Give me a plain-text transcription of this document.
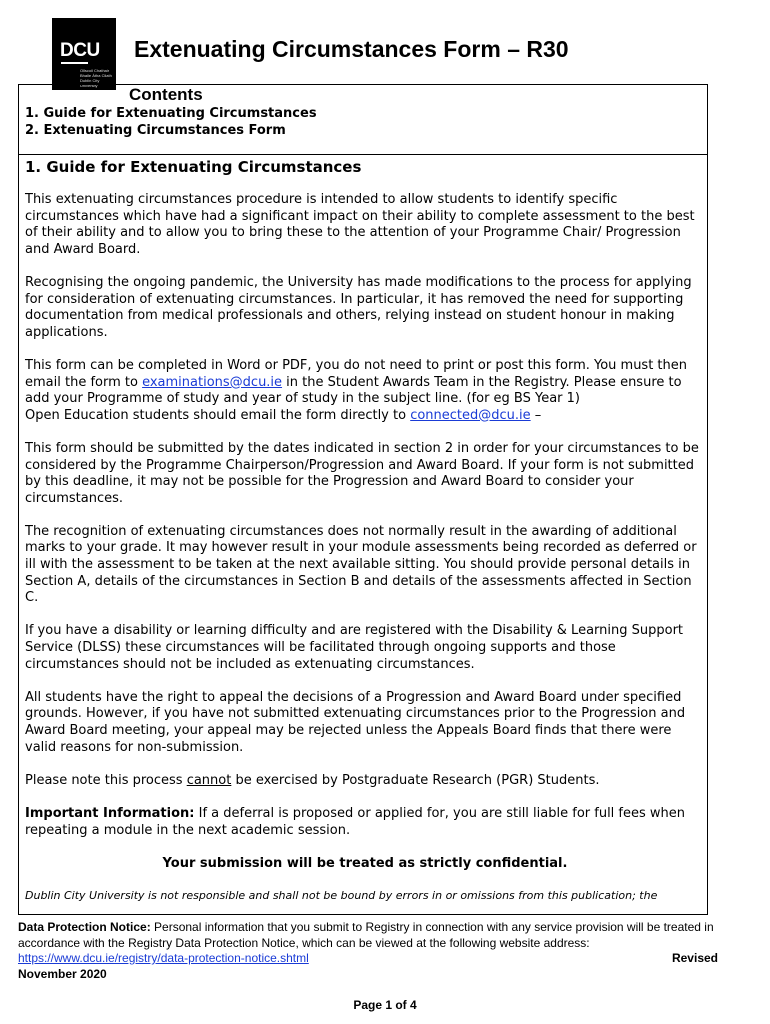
DCU
Ollscoil Chathair Bhaile Átha Cliath Dublin City University
Extenuating Circumstances Form – R30
Contents
1. Guide for Extenuating Circumstances
2. Extenuating Circumstances Form
1. Guide for Extenuating Circumstances

This extenuating circumstances procedure is intended to allow students to identify specific circumstances which have had a significant impact on their ability to complete assessment to the best of their ability and to allow you to bring these to the attention of your Programme Chair/ Progression and Award Board.

Recognising the ongoing pandemic, the University has made modifications to the process for applying for consideration of extenuating circumstances. In particular, it has removed the need for supporting documentation from medical professionals and others, relying instead on student honour in making applications.

This form can be completed in Word or PDF, you do not need to print or post this form. You must then email the form to examinations@dcu.ie in the Student Awards Team in the Registry. Please ensure to add your Programme of study and year of study in the subject line. (for eg BS Year 1)
Open Education students should email the form directly to connected@dcu.ie –

This form should be submitted by the dates indicated in section 2 in order for your circumstances to be considered by the Programme Chairperson/Progression and Award Board. If your form is not submitted by this deadline, it may not be possible for the Progression and Award Board to consider your circumstances.

The recognition of extenuating circumstances does not normally result in the awarding of additional marks to your grade. It may however result in your module assessments being recorded as deferred or ill with the assessment to be taken at the next available sitting. You should provide personal details in Section A, details of the circumstances in Section B and details of the assessments affected in Section C.

If you have a disability or learning difficulty and are registered with the Disability & Learning Support Service (DLSS) these circumstances will be facilitated through ongoing supports and those circumstances should not be included as extenuating circumstances.

All students have the right to appeal the decisions of a Progression and Award Board under specified grounds. However, if you have not submitted extenuating circumstances prior to the Progression and Award Board meeting, your appeal may be rejected unless the Appeals Board finds that there were valid reasons for non-submission.

Please note this process cannot be exercised by Postgraduate Research (PGR) Students.

Important Information: If a deferral is proposed or applied for, you are still liable for full fees when repeating a module in the next academic session.

Your submission will be treated as strictly confidential.

Dublin City University is not responsible and shall not be bound by errors in or omissions from this publication; the

Data Protection Notice: Personal information that you submit to Registry in connection with any service provision will be treated in accordance with the Registry Data Protection Notice, which can be viewed at the following website address: https://www.dcu.ie/registry/data-protection-notice.shtml
November 2020
Revised
Page 1 of 4
